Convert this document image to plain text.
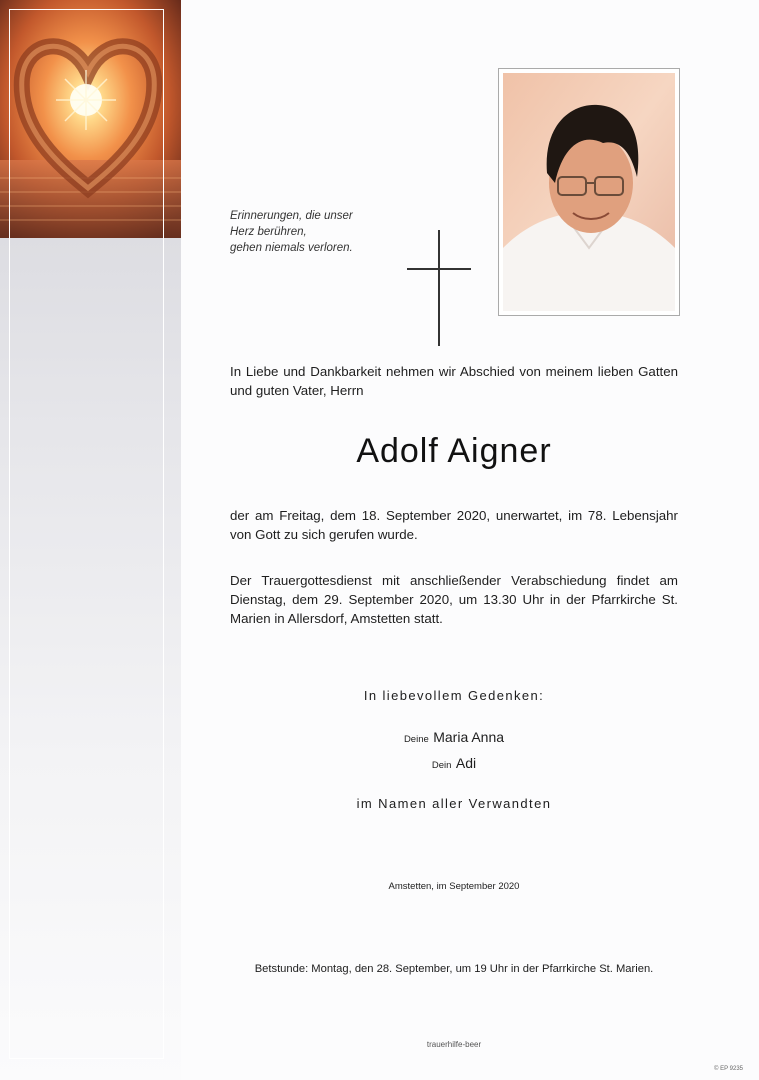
Erinnerungen, die unser
Herz berühren,
gehen niemals verloren.
In Liebe und Dankbarkeit nehmen wir Abschied von meinem lieben Gatten und guten Vater, Herrn
Adolf Aigner
der am Freitag, dem 18. September 2020, unerwartet, im 78. Lebensjahr von Gott zu sich gerufen wurde.
Der Trauergottesdienst mit anschließender Verabschiedung findet am Dienstag, dem 29. September 2020, um 13.30 Uhr in der Pfarrkirche St. Marien in Allersdorf, Amstetten statt.
In liebevollem Gedenken:
Deine Maria Anna
Dein Adi
im Namen aller Verwandten
Amstetten, im September 2020
Betstunde: Montag, den 28. September, um 19 Uhr in der Pfarrkirche St. Marien.
trauerhilfe-beer
© EP 9235
